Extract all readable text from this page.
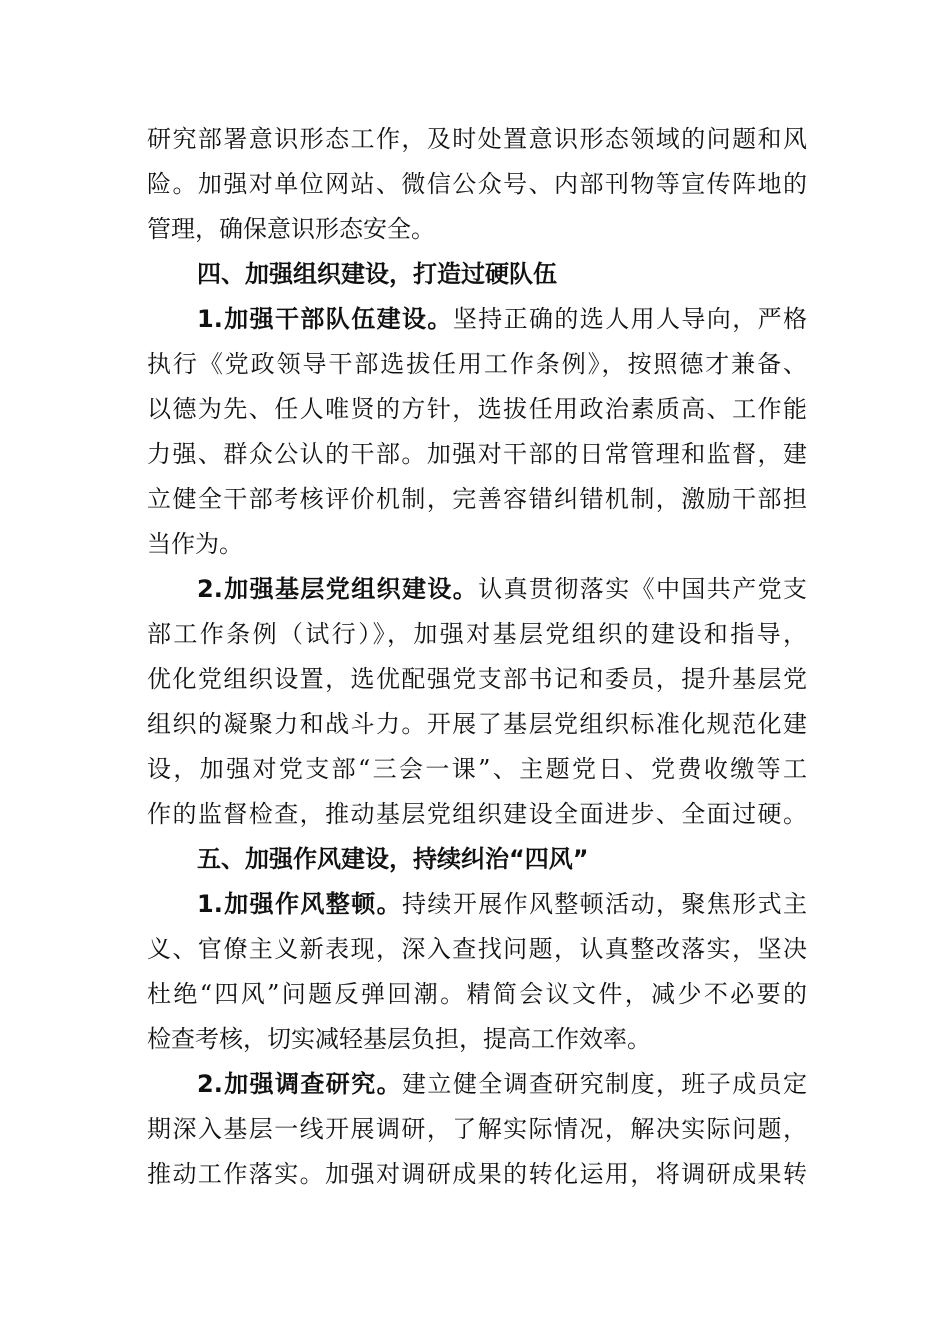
研究部署意识形态工作，及时处置意识形态领域的问题和风
险。加强对单位网站、微信公众号、内部刊物等宣传阵地的
管理，确保意识形态安全。
四、加强组织建设，打造过硬队伍
1.加强干部队伍建设。坚持正确的选人用人导向，严格
执行《党政领导干部选拔任用工作条例》，按照德才兼备、
以德为先、任人唯贤的方针，选拔任用政治素质高、工作能
力强、群众公认的干部。加强对干部的日常管理和监督，建
立健全干部考核评价机制，完善容错纠错机制，激励干部担
当作为。
2.加强基层党组织建设。认真贯彻落实《中国共产党支
部工作条例（试行）》，加强对基层党组织的建设和指导，
优化党组织设置，选优配强党支部书记和委员，提升基层党
组织的凝聚力和战斗力。开展了基层党组织标准化规范化建
设，加强对党支部“三会一课”、主题党日、党费收缴等工
作的监督检查，推动基层党组织建设全面进步、全面过硬。
五、加强作风建设，持续纠治“四风”
1.加强作风整顿。持续开展作风整顿活动，聚焦形式主
义、官僚主义新表现，深入查找问题，认真整改落实，坚决
杜绝“四风”问题反弹回潮。精简会议文件，减少不必要的
检查考核，切实减轻基层负担，提高工作效率。
2.加强调查研究。建立健全调查研究制度，班子成员定
期深入基层一线开展调研，了解实际情况，解决实际问题，
推动工作落实。加强对调研成果的转化运用，将调研成果转
